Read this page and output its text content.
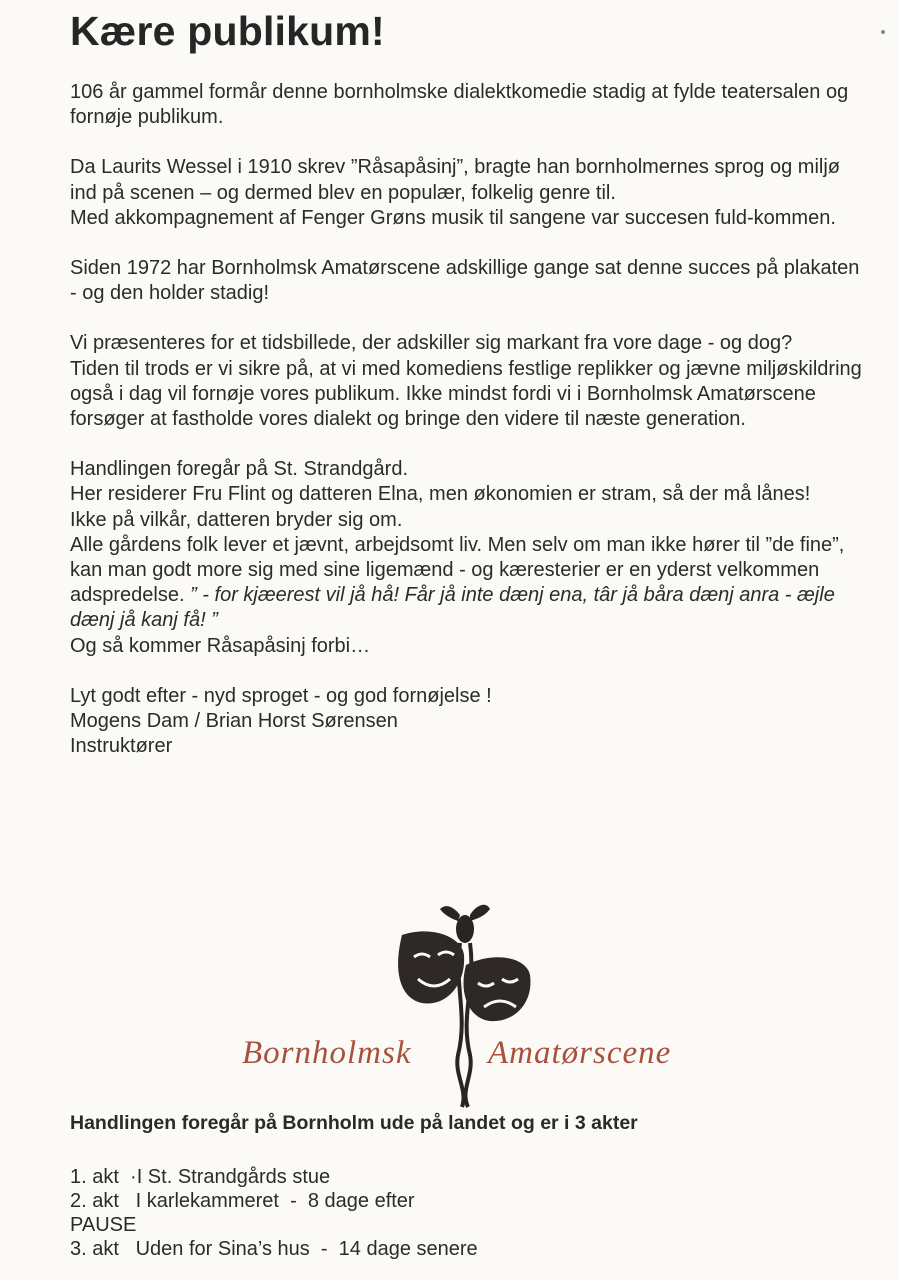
Kære publikum!

106 år gammel formår denne bornholmske dialektkomedie stadig at fylde teatersalen og fornøje publikum.

Da Laurits Wessel i 1910 skrev ”Råsapåsinj”, bragte han bornholmernes sprog og miljø ind på scenen – og dermed blev en populær, folkelig genre til.

Med akkompagnement af Fenger Grøns musik til sangene var succesen fuld-kommen.

Siden 1972 har Bornholmsk Amatørscene adskillige gange sat denne succes på plakaten - og den holder stadig!

Vi præsenteres for et tidsbillede, der adskiller sig markant fra vore dage - og dog?

Tiden til trods er vi sikre på, at vi med komediens festlige replikker og jævne miljøskildring også i dag vil fornøje vores publikum. Ikke mindst fordi vi i Bornholmsk Amatørscene forsøger at fastholde vores dialekt og bringe den videre til næste generation.

Handlingen foregår på St. Strandgård.

Her residerer Fru Flint og datteren Elna, men økonomien er stram, så der må lånes!

Ikke på vilkår, datteren bryder sig om.

Alle gårdens folk lever et jævnt, arbejdsomt liv. Men selv om man ikke hører til ”de fine”, kan man godt more sig med sine ligemænd - og kæresterier er en yderst velkommen adspredelse. ” - for kjæerest vil jå hå! Får jå inte dænj ena, târ jå båra dænj anra - æjle dænj jå kanj få! ”

Og så kommer Råsapåsinj forbi…

Lyt godt efter - nyd sproget - og god fornøjelse !

Mogens Dam / Brian Horst Sørensen

Instruktører

Bornholmsk Amatørscene
Handlingen foregår på Bornholm ude på landet og er i 3 akter
1. akt  ·I St. Strandgårds stue
2. akt   I karlekammeret  -  8 dage efter
PAUSE
3. akt   Uden for Sina’s hus  -  14 dage senere
